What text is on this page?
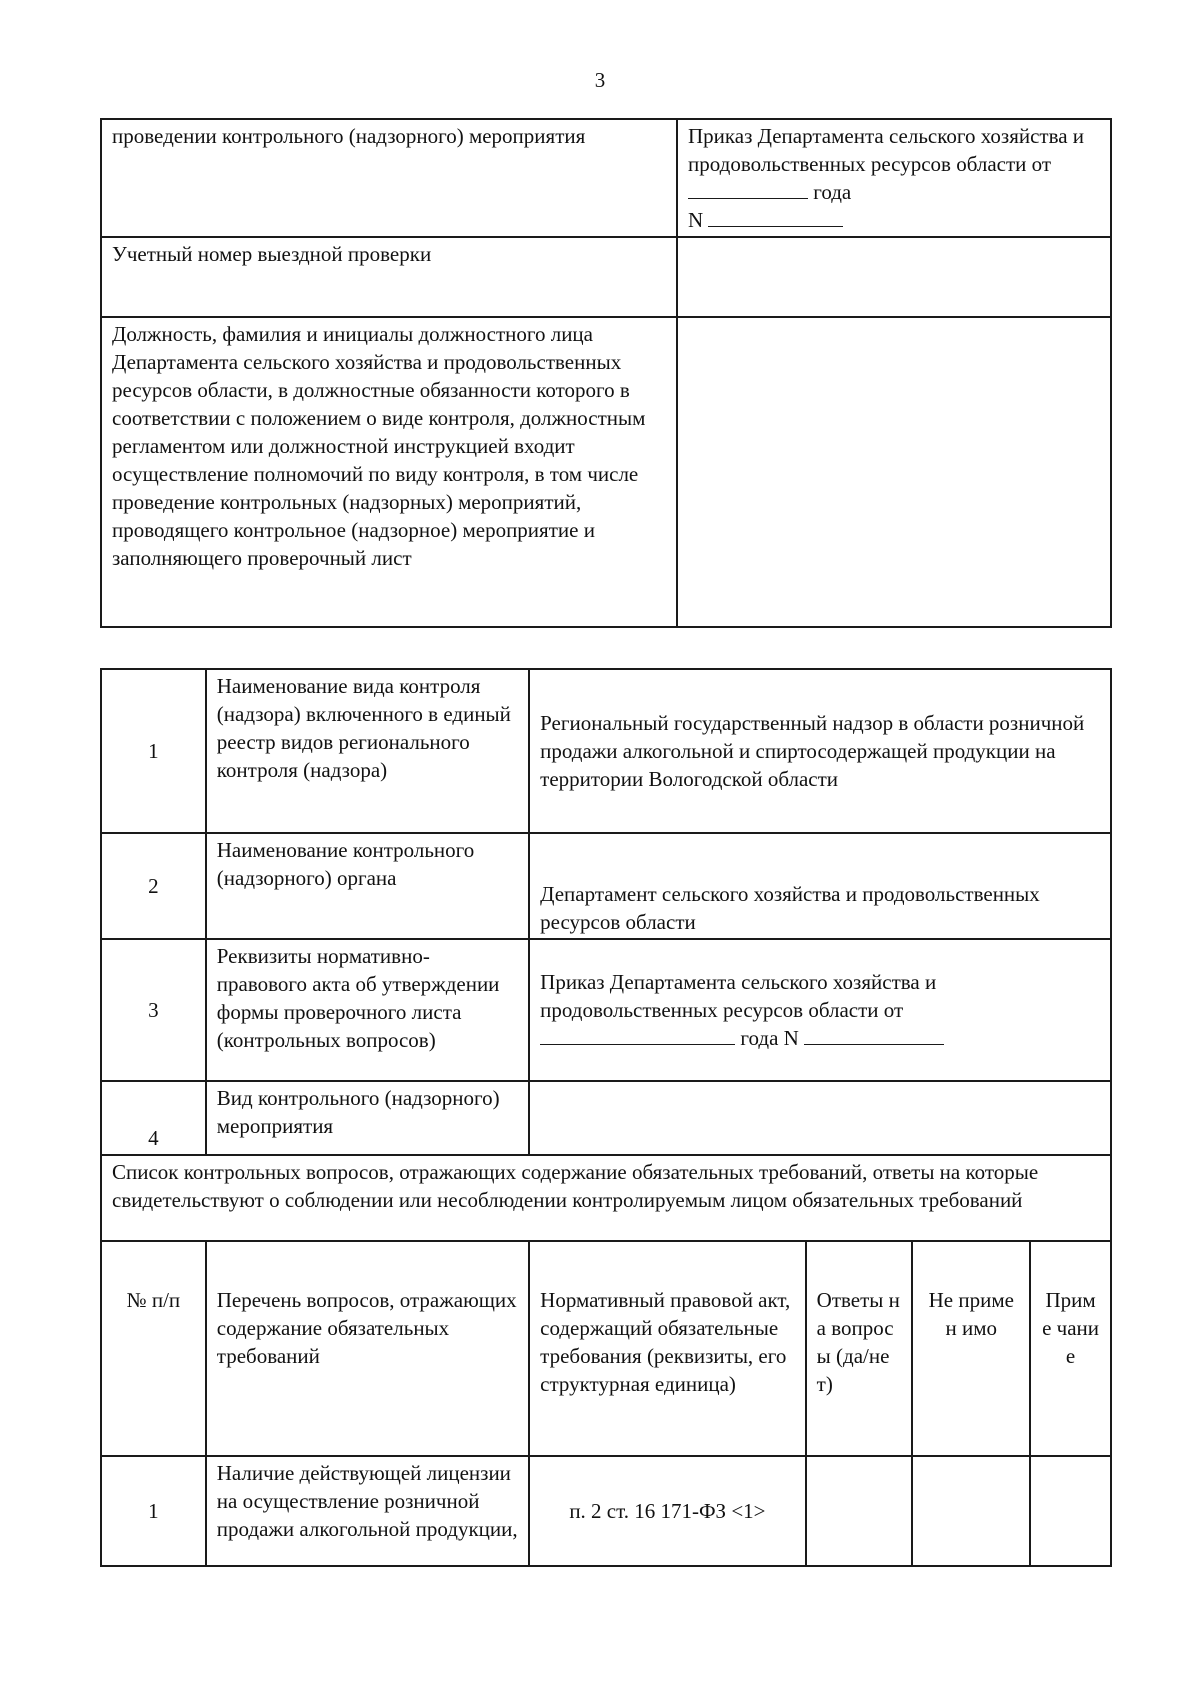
3
проведении контрольного (надзорного) мероприятия	Приказ Департамента сельского хозяйства и продовольственных ресурсов области от  года
N
Учетный номер выездной проверки	
Должность, фамилия и инициалы должностного лица Департамента сельского хозяйства и продовольственных ресурсов области, в должностные обязанности которого в соответствии с положением о виде контроля, должностным регламентом или должностной инструкцией входит осуществление полномочий по виду контроля, в том числе проведение контрольных (надзорных) мероприятий, проводящего контрольное (надзорное) мероприятие и заполняющего проверочный лист	
1	Наименование вида контроля (надзора) включенного в единый реестр видов регионального контроля (надзора)	Региональный государственный надзор в области розничной продажи алкогольной и спиртосодержащей продукции на территории Вологодской области			
2	Наименование контрольного (надзорного) органа	Департамент сельского хозяйства и продовольственных ресурсов области			
3	Реквизиты нормативно-правового акта об утверждении формы проверочного листа (контрольных вопросов)	Приказ Департамента сельского хозяйства и продовольственных ресурсов области от
года N			
4	Вид контрольного (надзорного) мероприятия				
Список контрольных вопросов, отражающих содержание обязательных требований, ответы на которые свидетельствуют о соблюдении или несоблюдении контролируемым лицом обязательных требований					
№ п/п	Перечень вопросов, отражающих содержание обязательных требований	Нормативный правовой акт, содержащий обязательные требования (реквизиты, его структурная единица)	Ответы на вопрос ы (да/нет)	Не примен имо	Приме чание
1	Наличие действующей лицензии на осуществление розничной продажи алкогольной продукции,	п. 2 ст. 16 171-ФЗ <1>			
